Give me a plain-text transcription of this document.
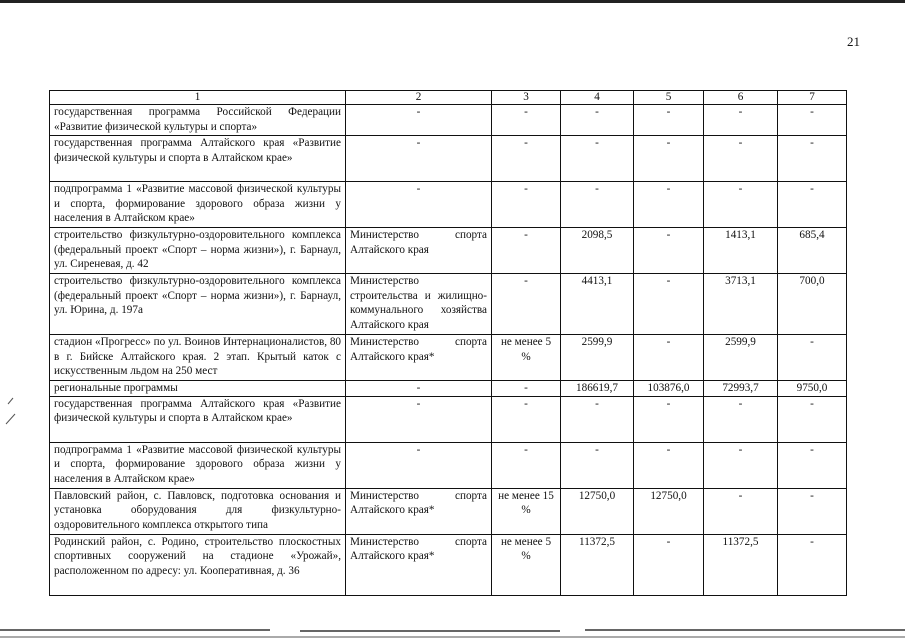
21
1	2	3	4	5	6	7
государственная программа Российской Федерации «Развитие физической культуры и спорта»	-	-	-	-	-	-
государственная программа Алтайского края «Развитие физической культуры и спорта в Алтайском крае»	-	-	-	-	-	-
подпрограмма 1 «Развитие массовой физической культуры и спорта, формирование здорового образа жизни у населения в Алтайском крае»	-	-	-	-	-	-
строительство физкультурно-оздоровительного комплекса (федеральный проект «Спорт – норма жизни»), г. Барнаул, ул. Сиреневая, д. 42	Министерство спорта Алтайского края	-	2098,5	-	1413,1	685,4
строительство физкультурно-оздоровительного комплекса (федеральный проект «Спорт – норма жизни»), г. Барнаул, ул. Юрина, д. 197а	Министерство строительства и жилищно-коммунального хозяйства Алтайского края	-	4413,1	-	3713,1	700,0
стадион «Прогресс» по ул. Воинов Интернационалистов, 80 в г. Бийске Алтайского края. 2 этап. Крытый каток с искусственным льдом на 250 мест	Министерство спорта Алтайского края*	не менее 5 %	2599,9	-	2599,9	-
региональные программы	-	-	186619,7	103876,0	72993,7	9750,0
государственная программа Алтайского края «Развитие физической культуры и спорта в Алтайском крае»	-	-	-	-	-	-
подпрограмма 1 «Развитие массовой физической культуры и спорта, формирование здорового образа жизни у населения в Алтайском крае»	-	-	-	-	-	-
Павловский район, с. Павловск, подготовка основания и установка оборудования для физкультурно-оздоровительного комплекса открытого типа	Министерство спорта Алтайского края*	не менее 15 %	12750,0	12750,0	-	-
Родинский район, с. Родино, строительство плоскостных спортивных сооружений на стадионе «Урожай», расположенном по адресу: ул. Кооперативная, д. 36	Министерство спорта Алтайского края*	не менее 5 %	11372,5	-	11372,5	-
